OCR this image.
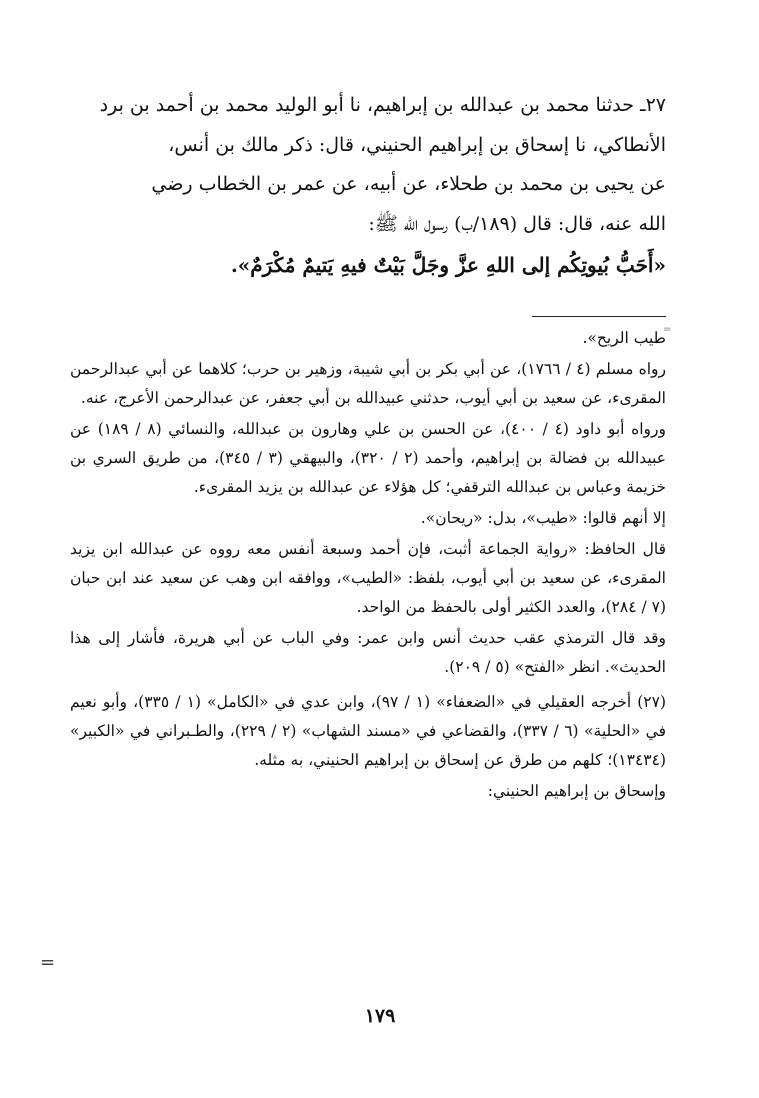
٢٧ـ حدثنا محمد بن عبدالله بن إبراهيم، نا أبو الوليد محمد بن أحمد بن برد

الأنطاكي، نا إسحاق بن إبراهيم الحنيني، قال: ذكر مالك بن أنس،

عن يحيى بن محمد بن طحلاء، عن أبيه، عن عمر بن الخطاب رضي

الله عنه، قال: قال (١٨٩/ب) رسول الله ﷺ:

«أَحَبُّ بُيوتِكُم إلى اللهِ عزَّ وجَلَّ بَيْتٌ فيهِ يَتيمٌ مُكْرَمٌ».

=

طيب الريح».

رواه مسلم (٤ / ١٧٦٦)، عن أبي بكر بن أبي شيبة، وزهير بن حرب؛ كلاهما عن أبي عبدالرحمن المقرىء، عن سعيد بن أبي أيوب، حدثني عبيدالله بن أبي جعفر، عن عبدالرحمن الأعرج، عنه.

ورواه أبو داود (٤ / ٤٠٠)، عن الحسن بن علي وهارون بن عبدالله، والنسائي (٨ / ١٨٩) عن عبيدالله بن فضالة بن إبراهيم، وأحمد (٢ / ٣٢٠)، والبيهقي (٣ / ٣٤٥)، من طريق السري بن خزيمة وعباس بن عبدالله الترقفي؛ كل هؤلاء عن عبدالله بن يزيد المقرىء.

إلا أنهم قالوا: «طيب»، بدل: «ريحان».

قال الحافظ: «رواية الجماعة أثبت، فإن أحمد وسبعة أنفس معه رووه عن عبدالله ابن يزيد المقرىء، عن سعيد بن أبي أيوب، بلفظ: «الطيب»، ووافقه ابن وهب عن سعيد عند ابن حبان (٧ / ٢٨٤)، والعدد الكثير أولى بالحفظ من الواحد.

وقد قال الترمذي عقب حديث أنس وابن عمر: وفي الباب عن أبي هريرة، فأشار إلى هذا الحديث». انظر «الفتح» (٥ / ٢٠٩).

(٢٧) أخرجه العقيلي في «الضعفاء» (١ / ٩٧)، وابن عدي في «الكامل» (١ / ٣٣٥)، وأبو نعيم في «الحلية» (٦ / ٣٣٧)، والقضاعي في «مسند الشهاب» (٢ / ٢٢٩)، والطـبراني في «الكبير» (١٣٤٣٤)؛ كلهم من طرق عن إسحاق بن إبراهيم الحنيني، به مثله.

وإسحاق بن إبراهيم الحنيني:

=
١٧٩
